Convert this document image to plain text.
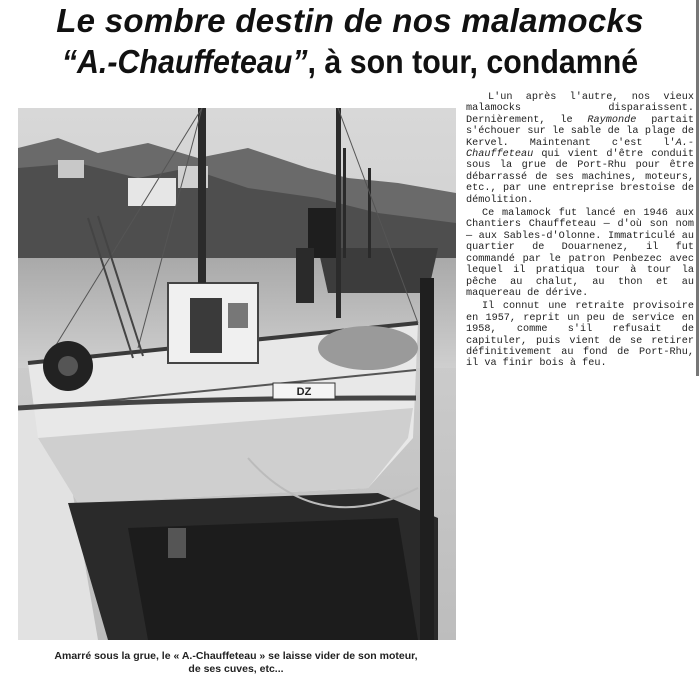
Le sombre destin de nos malamocks
“A.-Chauffeteau”, à son tour, condamné
DZ
Amarré sous la grue, le « A.-Chauffeteau » se laisse vider de son moteur,
de ses cuves, etc...

L'un après l'autre, nos vieux malamocks disparaissent. Dernièrement, le Raymonde partait s'échouer sur le sable de la plage de Kervel. Maintenant c'est l'A.-Chauffeteau qui vient d'être conduit sous la grue de Port-Rhu pour être débarrassé de ses machines, moteurs, etc., par une entreprise brestoise de démolition.

Ce malamock fut lancé en 1946 aux Chantiers Chauffeteau — d'où son nom — aux Sables-d'Olonne. Immatriculé au quartier de Douarnenez, il fut commandé par le patron Penbezec avec lequel il pratiqua tour à tour la pêche au chalut, au thon et au maquereau de dérive.

Il connut une retraite provisoire en 1957, reprit un peu de service en 1958, comme s'il refusait de capituler, puis vient de se retirer définitivement au fond de Port-Rhu, il va finir bois à feu.
